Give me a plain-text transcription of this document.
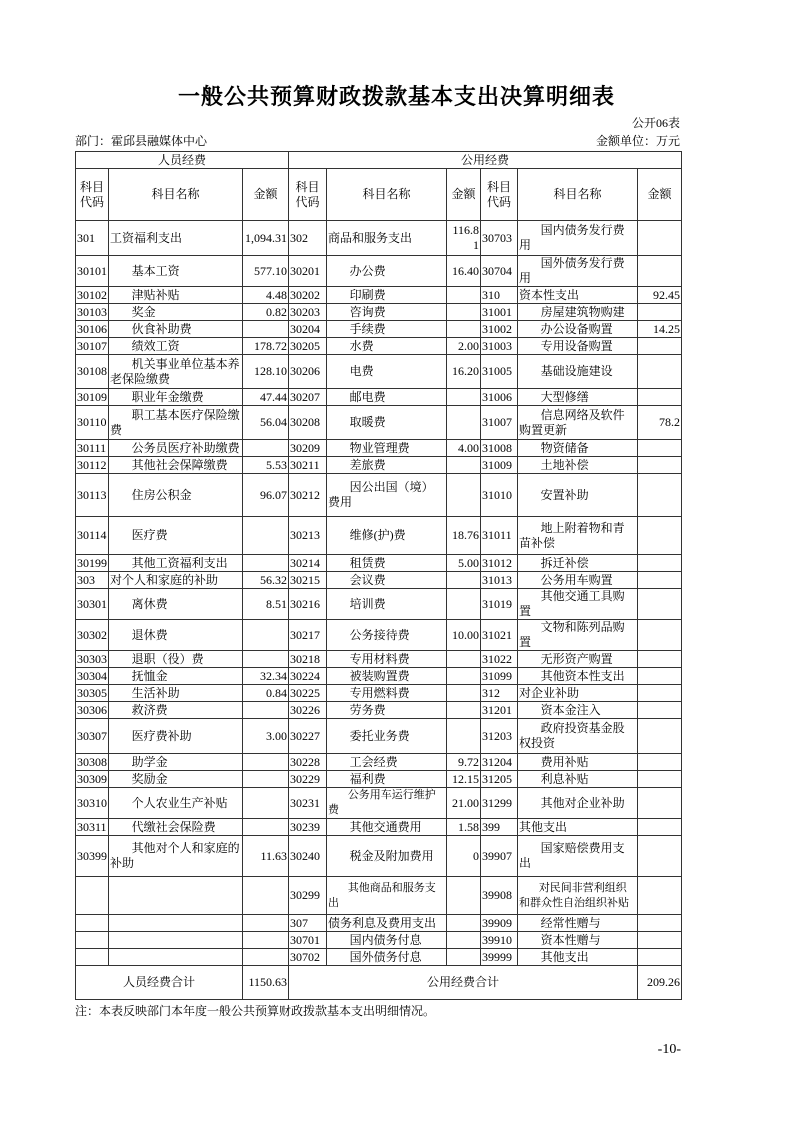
一般公共预算财政拨款基本支出决算明细表
公开06表
部门：霍邱县融媒体中心	金额单位：万元
人员经费			公用经费					
科目代码	科目名称	金额	科目代码	科目名称	金额	科目代码	科目名称	金额
301	工资福利支出	1,094.31	302	商品和服务支出	116.81	30703	国内债务发行费用	
30101	基本工资	577.10	30201	办公费	16.40	30704	国外债务发行费用	
30102	津贴补贴	4.48	30202	印刷费		310	资本性支出	92.45
30103	奖金	0.82	30203	咨询费		31001	房屋建筑物购建	
30106	伙食补助费		30204	手续费		31002	办公设备购置	14.25
30107	绩效工资	178.72	30205	水费	2.00	31003	专用设备购置	
30108	机关事业单位基本养老保险缴费	128.10	30206	电费	16.20	31005	基础设施建设	
30109	职业年金缴费	47.44	30207	邮电费		31006	大型修缮	
30110	职工基本医疗保险缴费	56.04	30208	取暖费		31007	信息网络及软件购置更新	78.2
30111	公务员医疗补助缴费		30209	物业管理费	4.00	31008	物资储备	
30112	其他社会保障缴费	5.53	30211	差旅费		31009	土地补偿	
30113	住房公积金	96.07	30212	因公出国（境）费用		31010	安置补助	
30114	医疗费		30213	维修(护)费	18.76	31011	地上附着物和青苗补偿	
30199	其他工资福利支出		30214	租赁费	5.00	31012	拆迁补偿	
303	对个人和家庭的补助	56.32	30215	会议费		31013	公务用车购置	
30301	离休费	8.51	30216	培训费		31019	其他交通工具购置	
30302	退休费		30217	公务接待费	10.00	31021	文物和陈列品购置	
30303	退职（役）费		30218	专用材料费		31022	无形资产购置	
30304	抚恤金	32.34	30224	被装购置费		31099	其他资本性支出	
30305	生活补助	0.84	30225	专用燃料费		312	对企业补助	
30306	救济费		30226	劳务费		31201	资本金注入	
30307	医疗费补助	3.00	30227	委托业务费		31203	政府投资基金股权投资	
30308	助学金		30228	工会经费	9.72	31204	费用补贴	
30309	奖励金		30229	福利费	12.15	31205	利息补贴	
30310	个人农业生产补贴		30231	公务用车运行维护费	21.00	31299	其他对企业补助	
30311	代缴社会保险费		30239	其他交通费用	1.58	399	其他支出	
30399	其他对个人和家庭的补助	11.63	30240	税金及附加费用	0	39907	国家赔偿费用支出	
			30299	其他商品和服务支出		39908	对民间非营利组织和群众性自治组织补贴	
			307	债务利息及费用支出		39909	经常性赠与	
			30701	国内债务付息		39910	资本性赠与	
			30702	国外债务付息		39999	其他支出	
人员经费合计		1150.63	公用经费合计					209.26
注：本表反映部门本年度一般公共预算财政拨款基本支出明细情况。
-10-
